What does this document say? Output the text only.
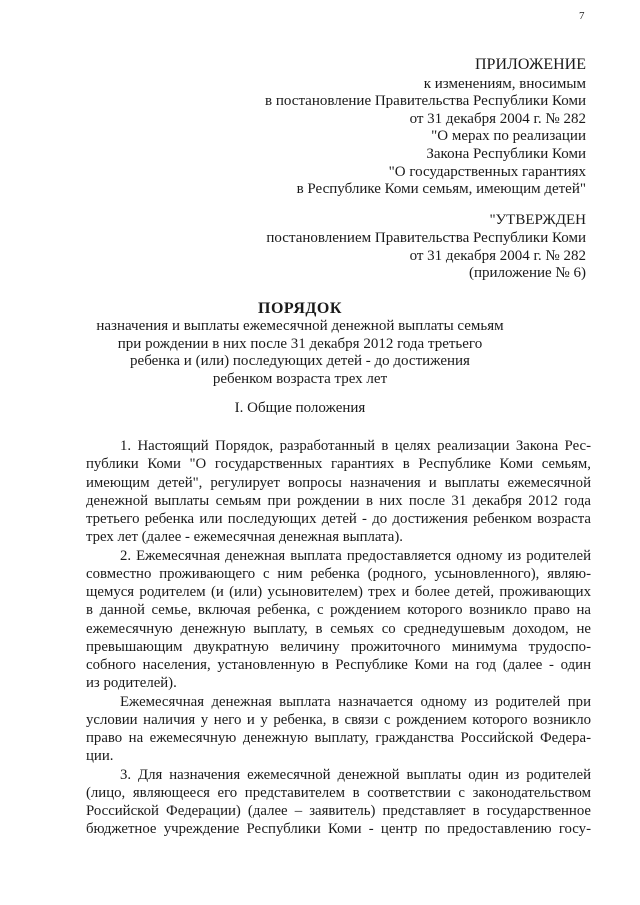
7
ПРИЛОЖЕНИЕ
к изменениям, вносимым
в постановление Правительства Республики Коми
от 31 декабря 2004 г. № 282
"О мерах по реализации
Закона Республики Коми
"О государственных гарантиях
в Республике Коми семьям, имеющим детей"
"УТВЕРЖДЕН
постановлением Правительства Республики Коми
от 31 декабря 2004 г. № 282
(приложение № 6)
ПОРЯДОК
назначения и выплаты ежемесячной денежной выплаты семьям
при рождении в них после 31 декабря 2012 года третьего
ребенка и (или) последующих детей - до достижения
ребенком возраста трех лет
I. Общие положения

1. Настоящий Порядок, разработанный в целях реализации Закона Рес-
публики Коми "О государственных гарантиях в Республике Коми семьям,
имеющим детей", регулирует вопросы назначения и выплаты ежемесячной
денежной выплаты семьям при рождении в них после 31 декабря 2012 года
третьего ребенка или последующих детей - до достижения ребенком возраста
трех лет (далее - ежемесячная денежная выплата).

2. Ежемесячная денежная выплата предоставляется одному из родителей
совместно проживающего с ним ребенка (родного, усыновленного), являю-
щемуся родителем (и (или) усыновителем) трех и более детей, проживающих
в данной семье, включая ребенка, с рождением которого возникло право на
ежемесячную денежную выплату, в семьях со среднедушевым доходом, не
превышающим двукратную величину прожиточного минимума трудоспо-
собного населения, установленную в Республике Коми на год (далее - один
из родителей).

Ежемесячная денежная выплата назначается одному из родителей при
условии наличия у него и у ребенка, в связи с рождением которого возникло
право на ежемесячную денежную выплату, гражданства Российской Федера-
ции.

3. Для назначения ежемесячной денежной выплаты один из родителей
(лицо, являющееся его представителем в соответствии с законодательством
Российской Федерации) (далее – заявитель) представляет в государственное
бюджетное учреждение Республики Коми - центр по предоставлению госу-
